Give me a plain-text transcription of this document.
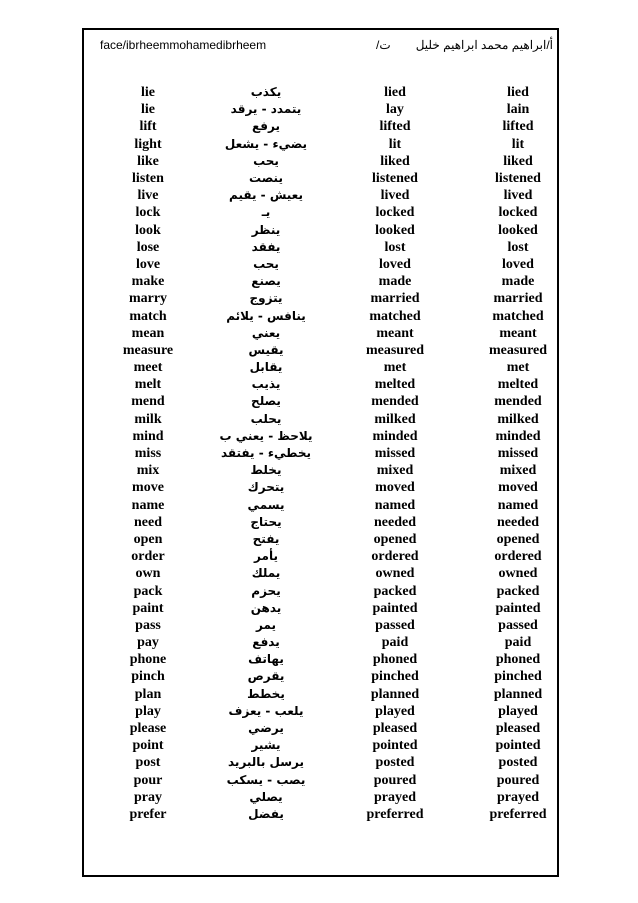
face/ibrheemmohamedibrheem	ت/ أ/ابراهيم محمد ابراهيم خليل
lie	يكذب	lied	lied
lie	يتمدد - يرقد	lay	lain
lift	يرفع	lifted	lifted
light	يضيء - يشعل	lit	lit
like	يحب	liked	liked
listen	ينصت	listened	listened
live	يعيش - يقيم	lived	lived
lock	يـ	locked	locked
look	ينظر	looked	looked
lose	يفقد	lost	lost
love	يحب	loved	loved
make	يصنع	made	made
marry	يتزوج	married	married
match	ينافس - يلائم	matched	matched
mean	يعني	meant	meant
measure	يقيس	measured	measured
meet	يقابل	met	met
melt	يذيب	melted	melted
mend	يصلح	mended	mended
milk	يحلب	milked	milked
mind	يلاحظ - يعني ب	minded	minded
miss	يخطيء - يفتقد	missed	missed
mix	يخلط	mixed	mixed
move	يتحرك	moved	moved
name	يسمي	named	named
need	يحتاج	needed	needed
open	يفتح	opened	opened
order	يأمر	ordered	ordered
own	يملك	owned	owned
pack	يحزم	packed	packed
paint	يدهن	painted	painted
pass	يمر	passed	passed
pay	يدفع	paid	paid
phone	يهاتف	phoned	phoned
pinch	يقرص	pinched	pinched
plan	يخطط	planned	planned
play	يلعب - يعزف	played	played
please	يرضي	pleased	pleased
point	يشير	pointed	pointed
post	يرسل بالبريد	posted	posted
pour	يصب - يسكب	poured	poured
pray	يصلي	prayed	prayed
prefer	يفضل	preferred	preferred
